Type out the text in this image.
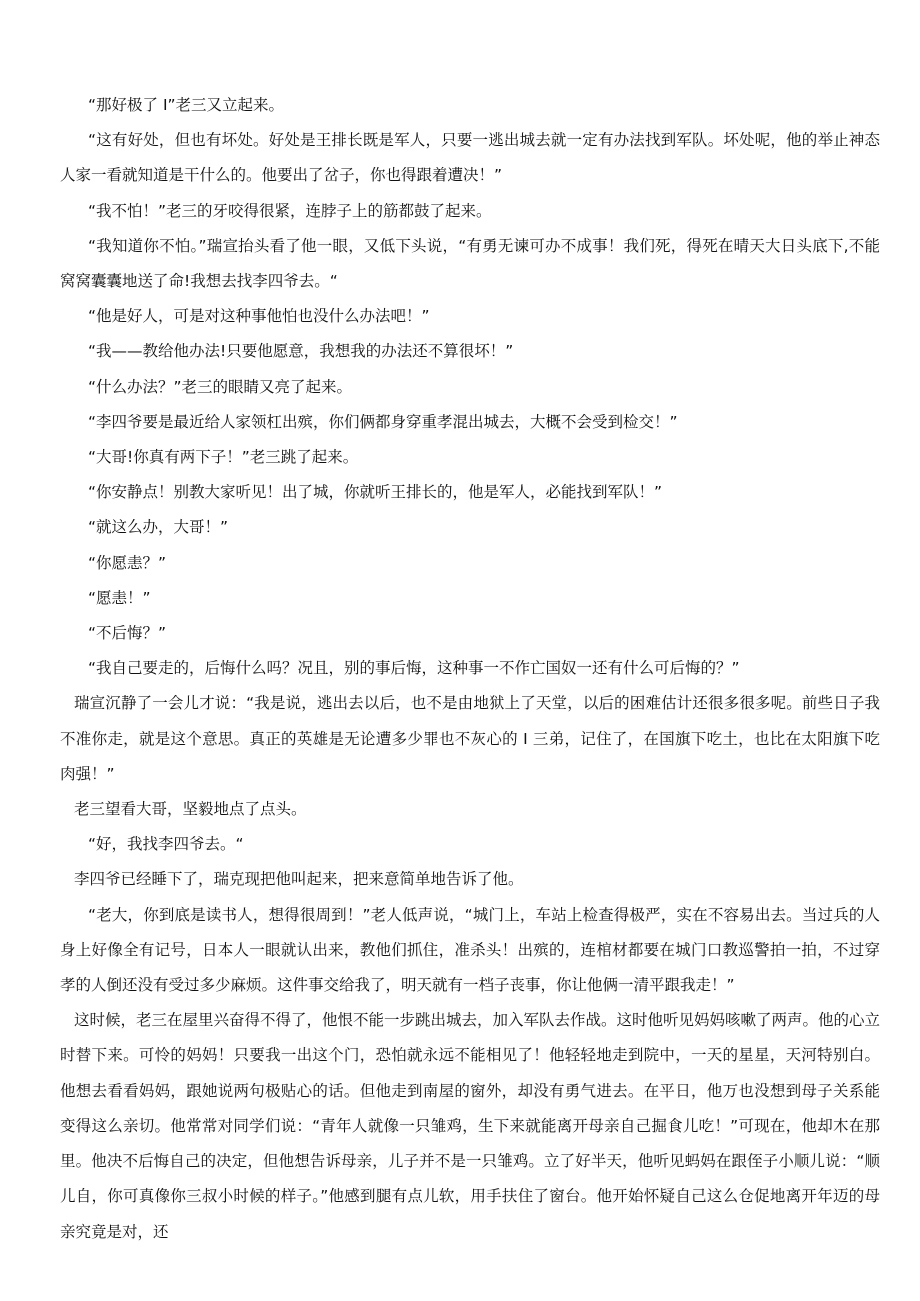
“那好极了 I”老三又立起来。

“这有好处，但也有坏处。好处是王排长既是军人，只要一逃出城去就一定有办法找到军队。坏处呢，他的举止神态人家一看就知道是干什么的。他要出了岔子，你也得跟着遭决！”

“我不怕！”老三的牙咬得很紧，连脖子上的筋都鼓了起来。

“我知道你不怕。”瑞宣抬头看了他一眼，又低下头说，“有勇无谏可办不成事！我们死，得死在晴天大日头底下,不能窝窝囊囊地送了命!我想去找李四爷去。“

“他是好人，可是对这种事他怕也没什么办法吧！”

“我——教给他办法!只要他愿意，我想我的办法还不算很坏！”

“什么办法？”老三的眼睛又亮了起来。

“李四爷要是最近给人家领杠出殡，你们俩都身穿重孝混出城去，大概不会受到检交！”

“大哥!你真有两下子！”老三跳了起来。

“你安静点！别教大家听见！出了城，你就听王排长的，他是军人，必能找到军队！”

“就这么办，大哥！”

“你愿恚？”

“愿恚！”

“不后悔？”

“我自己要走的，后悔什么吗？况且，别的事后悔，这种事一不作亡国奴一还有什么可后悔的？”

瑞宣沉静了一会儿才说：“我是说，逃出去以后，也不是由地狱上了天堂，以后的困难估计还很多很多呢。前些日子我不准你走，就是这个意思。真正的英雄是无论遭多少罪也不灰心的 I 三弟，记住了，在国旗下吃土，也比在太阳旗下吃肉强！”

老三望看大哥，坚毅地点了点头。

“好，我找李四爷去。“

李四爷已经睡下了，瑞克现把他叫起来，把来意简单地告诉了他。

“老大，你到底是读书人，想得很周到！”老人低声说，“城门上，车站上检查得极严，实在不容易出去。当过兵的人身上好像全有记号，日本人一眼就认出来，教他们抓住，准杀头！出殡的，连棺材都要在城门口教巡警拍一拍，不过穿孝的人倒还没有受过多少麻烦。这件事交给我了，明天就有一档子丧事，你让他俩一清平跟我走！”

这时候，老三在屋里兴奋得不得了，他恨不能一步跳出城去，加入军队去作战。这时他听见妈妈咳嗽了两声。他的心立时替下来。可怜的妈妈！只要我一出这个门，恐怕就永远不能相见了！他轻轻地走到院中，一天的星星，天河特别白。他想去看看妈妈，跟她说两句极贴心的话。但他走到南屋的窗外，却没有勇气进去。在平日，他万也没想到母子关系能变得这么亲切。他常常对同学们说：“青年人就像一只雏鸡，生下来就能离开母亲自己掘食儿吃！”可现在，他却木在那里。他决不后悔自己的决定，但他想告诉母亲，儿子并不是一只雏鸡。立了好半天，他听见蚂妈在跟侄子小顺儿说：“顺儿自，你可真像你三叔小时候的样子。”他感到腿有点儿软，用手扶住了窗台。他开始怀疑自己这么仓促地离开年迈的母亲究竟是对，还
